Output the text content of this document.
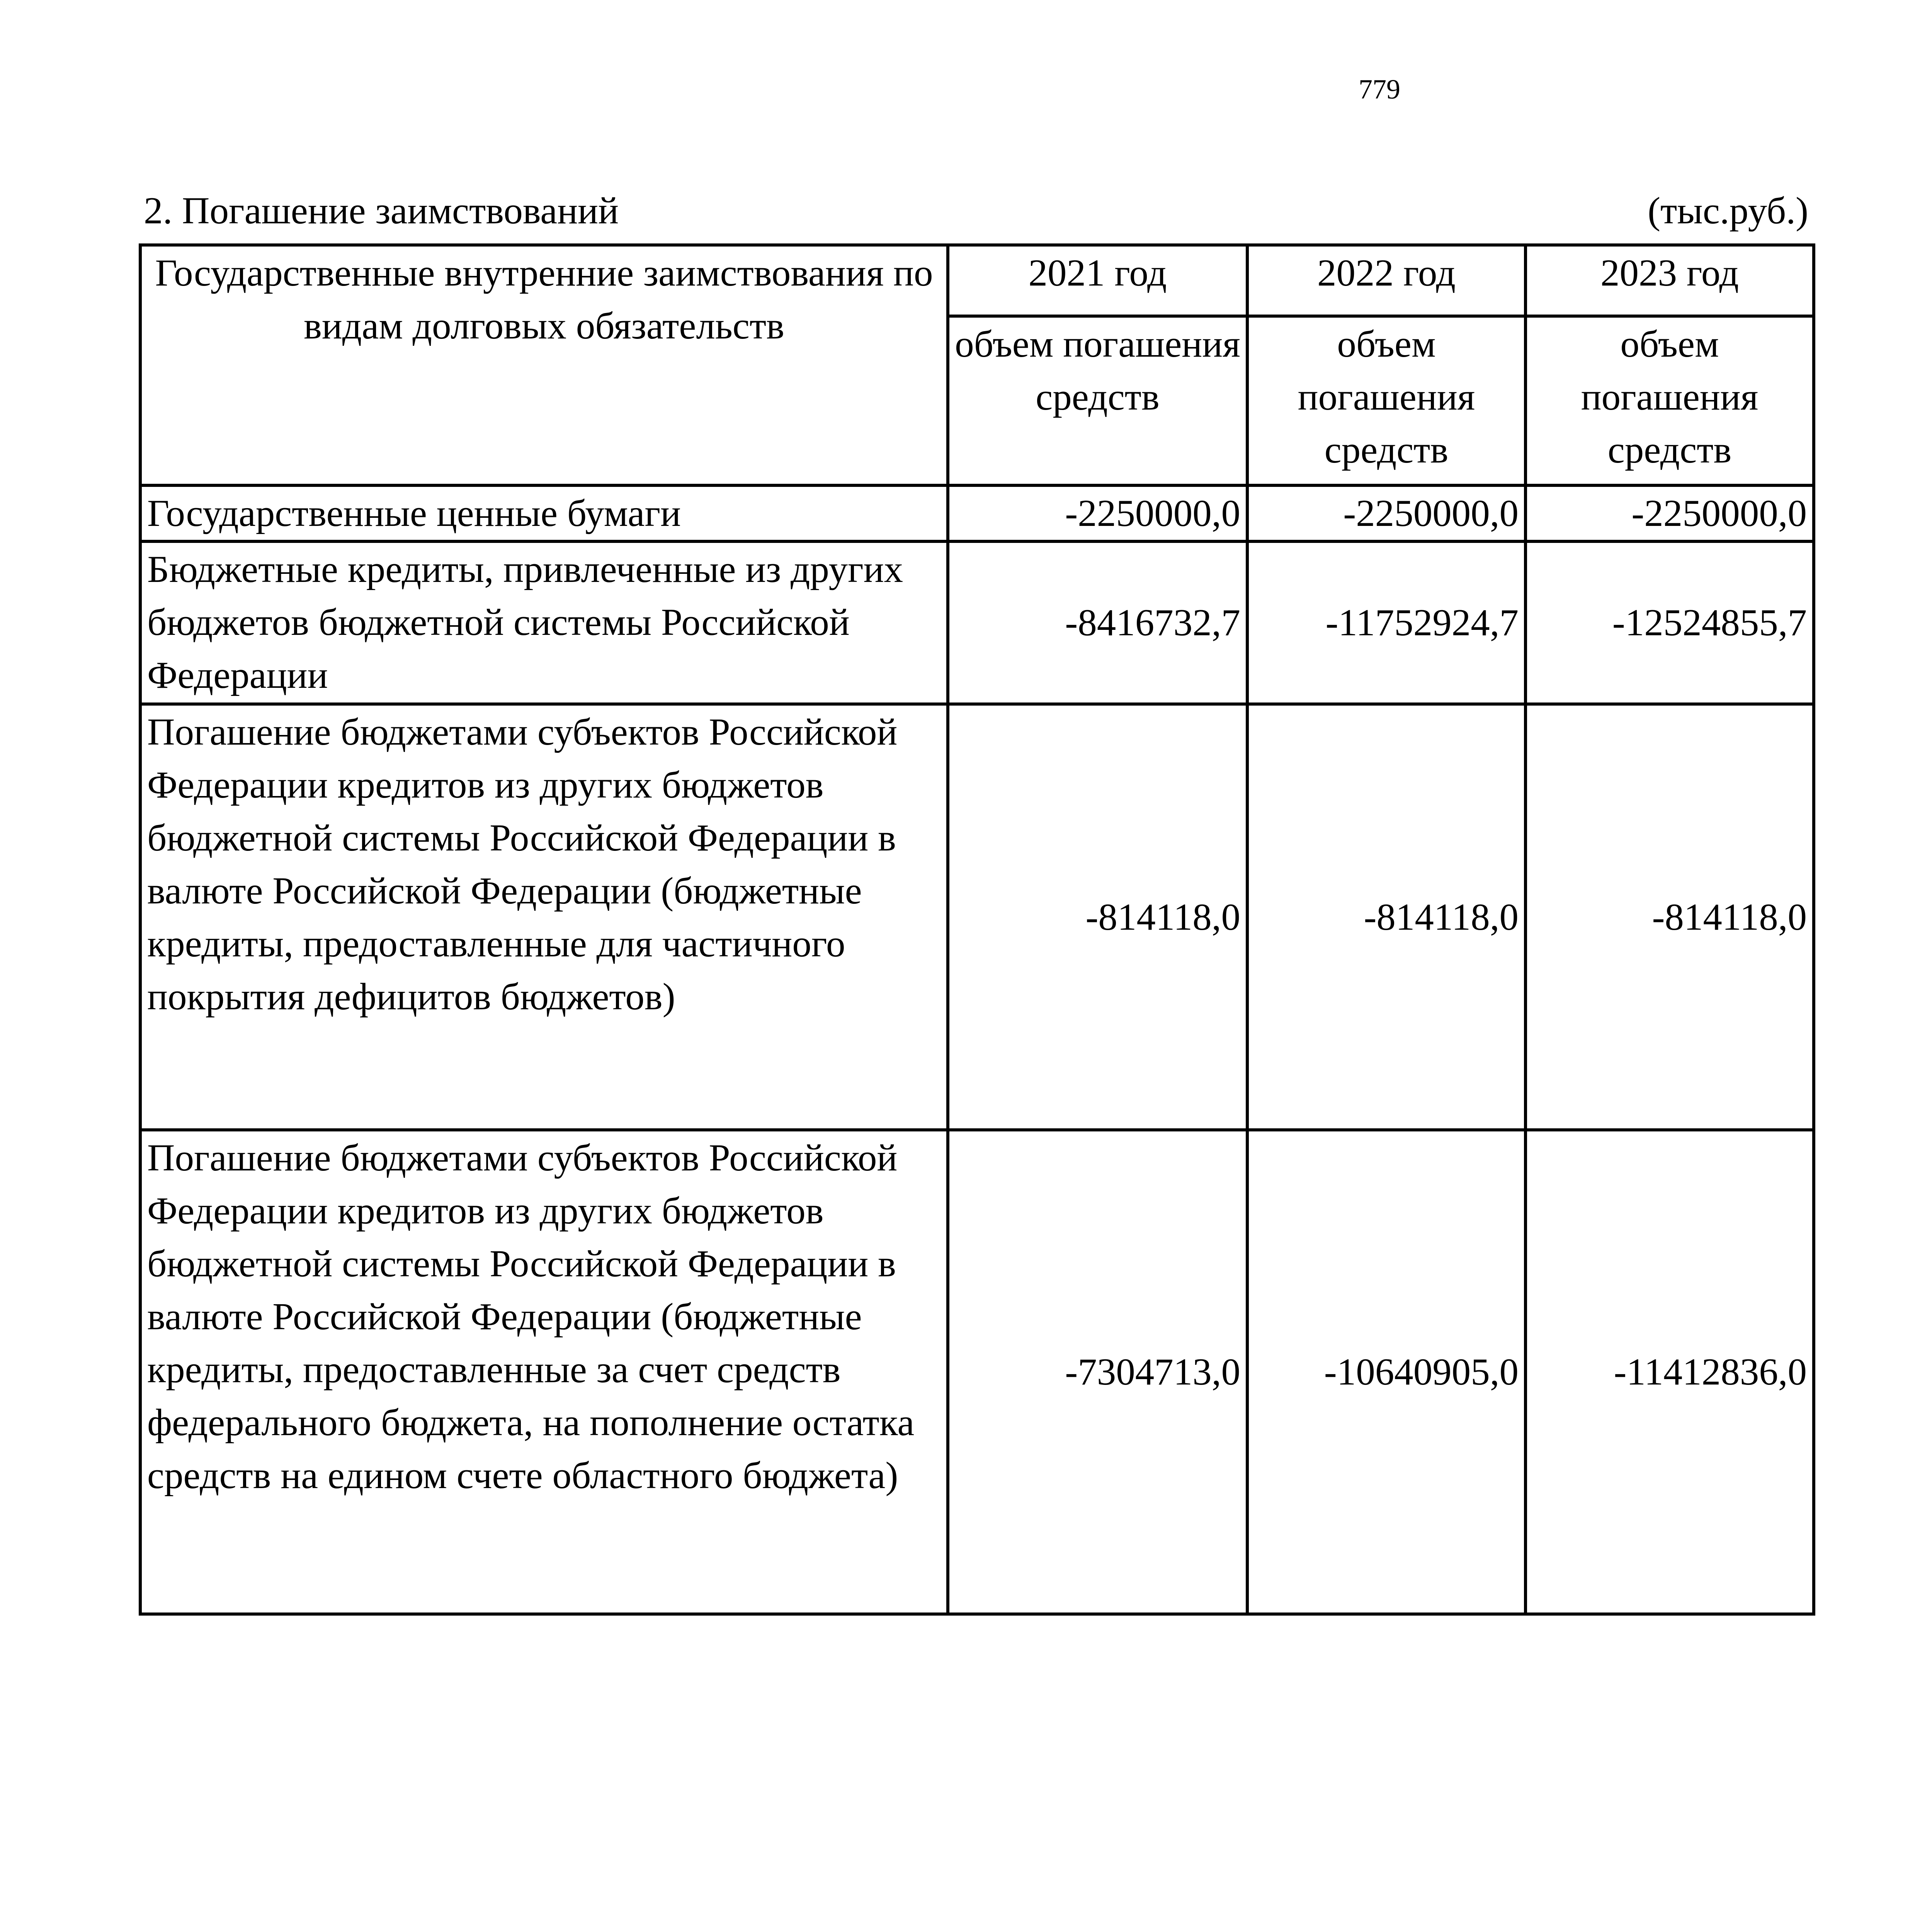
779
2. Погашение заимствований	(тыс.руб.)
Государственные внутренние заимствования по видам долговых обязательств	2021 год	2022 год	2023 год
	объем погашения средств	объем погашения средств	объем погашения средств
Государственные ценные бумаги	-2250000,0	-2250000,0	-2250000,0
Бюджетные кредиты, привлеченные из других бюджетов бюджетной системы Российской Федерации	-8416732,7	-11752924,7	-12524855,7
Погашение бюджетами субъектов Российской Федерации кредитов из других бюджетов бюджетной системы Российской Федерации в валюте Российской Федерации (бюджетные кредиты, предоставленные для частичного покрытия дефицитов бюджетов)	-814118,0	-814118,0	-814118,0
Погашение бюджетами субъектов Российской Федерации кредитов из других бюджетов бюджетной системы Российской Федерации в валюте Российской Федерации (бюджетные кредиты, предоставленные за счет средств федерального бюджета, на пополнение остатка средств на едином счете областного бюджета)	-7304713,0	-10640905,0	-11412836,0
